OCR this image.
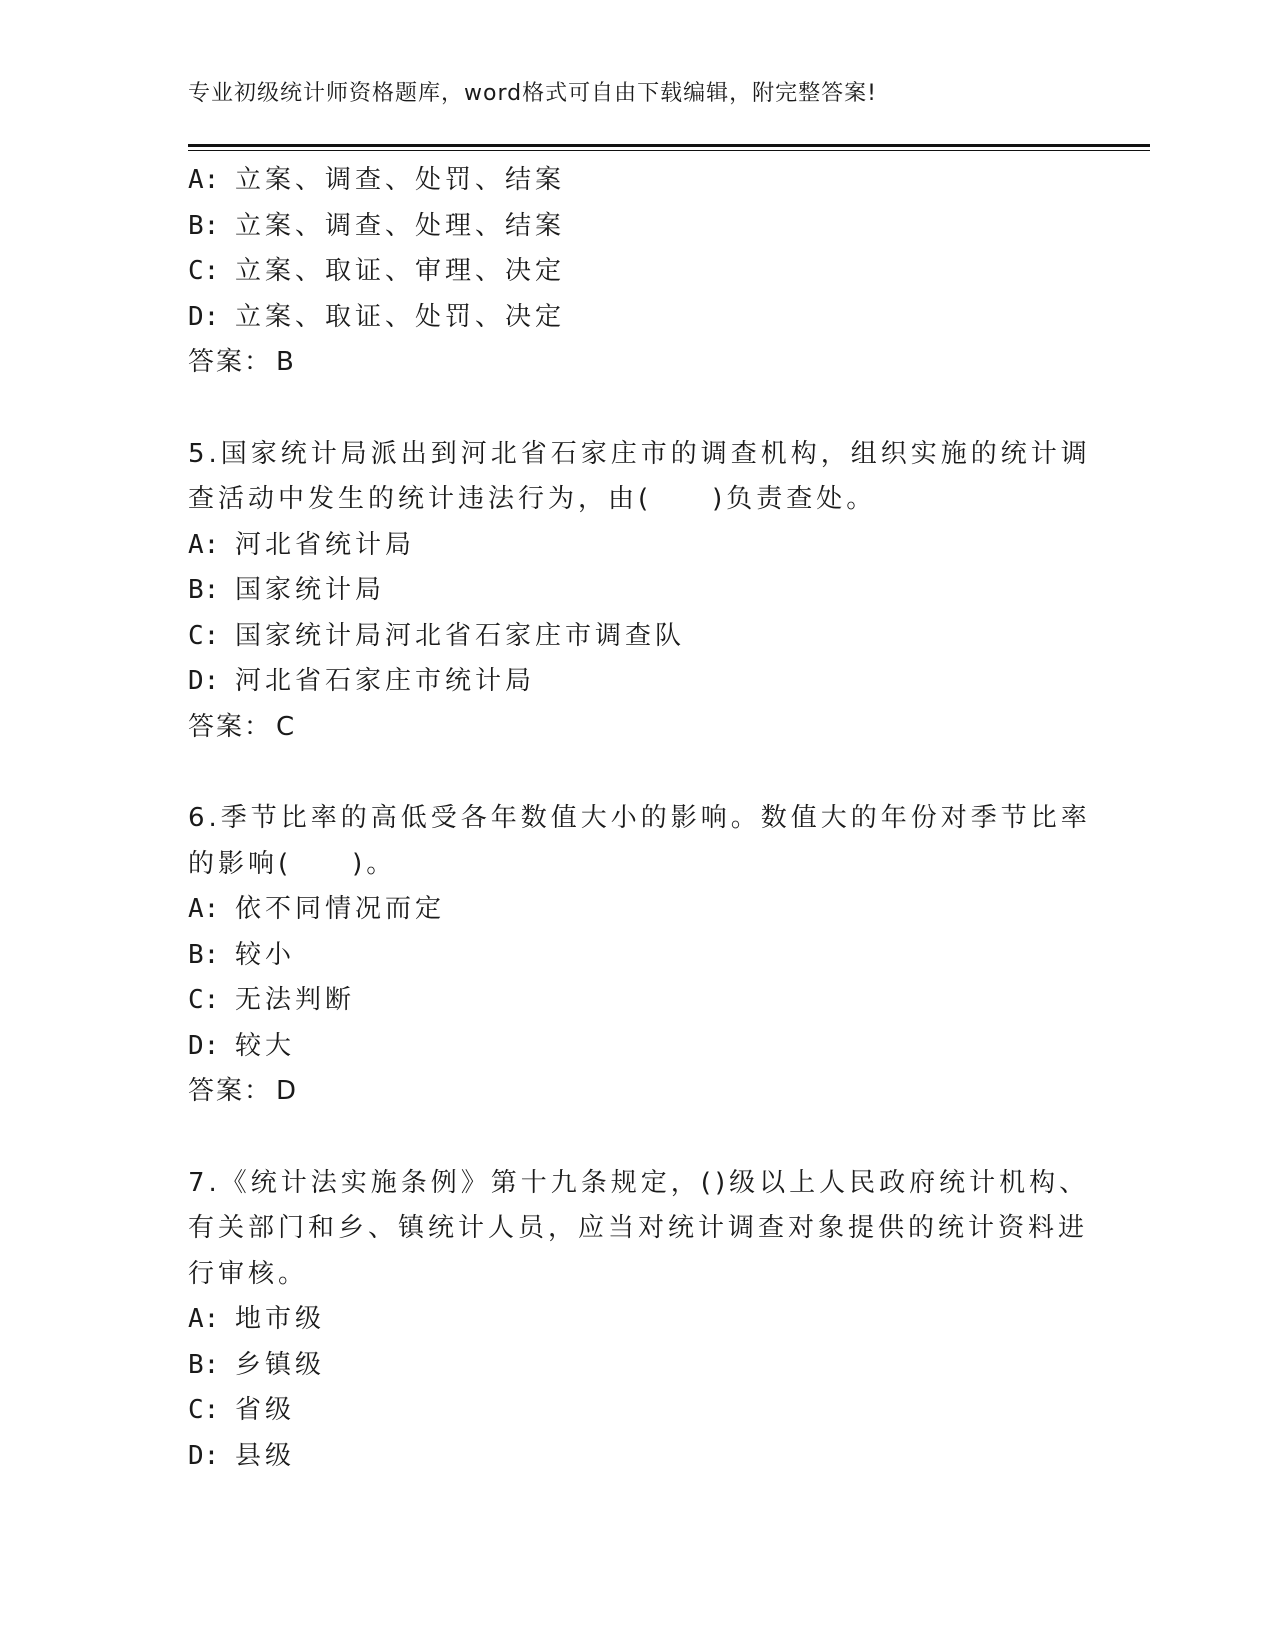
专业初级统计师资格题库，word格式可自由下载编辑，附完整答案!
A: 立案、调查、处罚、结案
B: 立案、调查、处理、结案
C: 立案、取证、审理、决定
D: 立案、取证、处罚、决定
答案： B
5.国家统计局派出到河北省石家庄市的调查机构，组织实施的统计调
查活动中发生的统计违法行为，由(　　)负责查处。
A: 河北省统计局
B: 国家统计局
C: 国家统计局河北省石家庄市调查队
D: 河北省石家庄市统计局
答案： C
6.季节比率的高低受各年数值大小的影响。数值大的年份对季节比率
的影响(　　)。
A: 依不同情况而定
B: 较小
C: 无法判断
D: 较大
答案： D
7.《统计法实施条例》第十九条规定，()级以上人民政府统计机构、
有关部门和乡、镇统计人员，应当对统计调查对象提供的统计资料进
行审核。
A: 地市级
B: 乡镇级
C: 省级
D: 县级
